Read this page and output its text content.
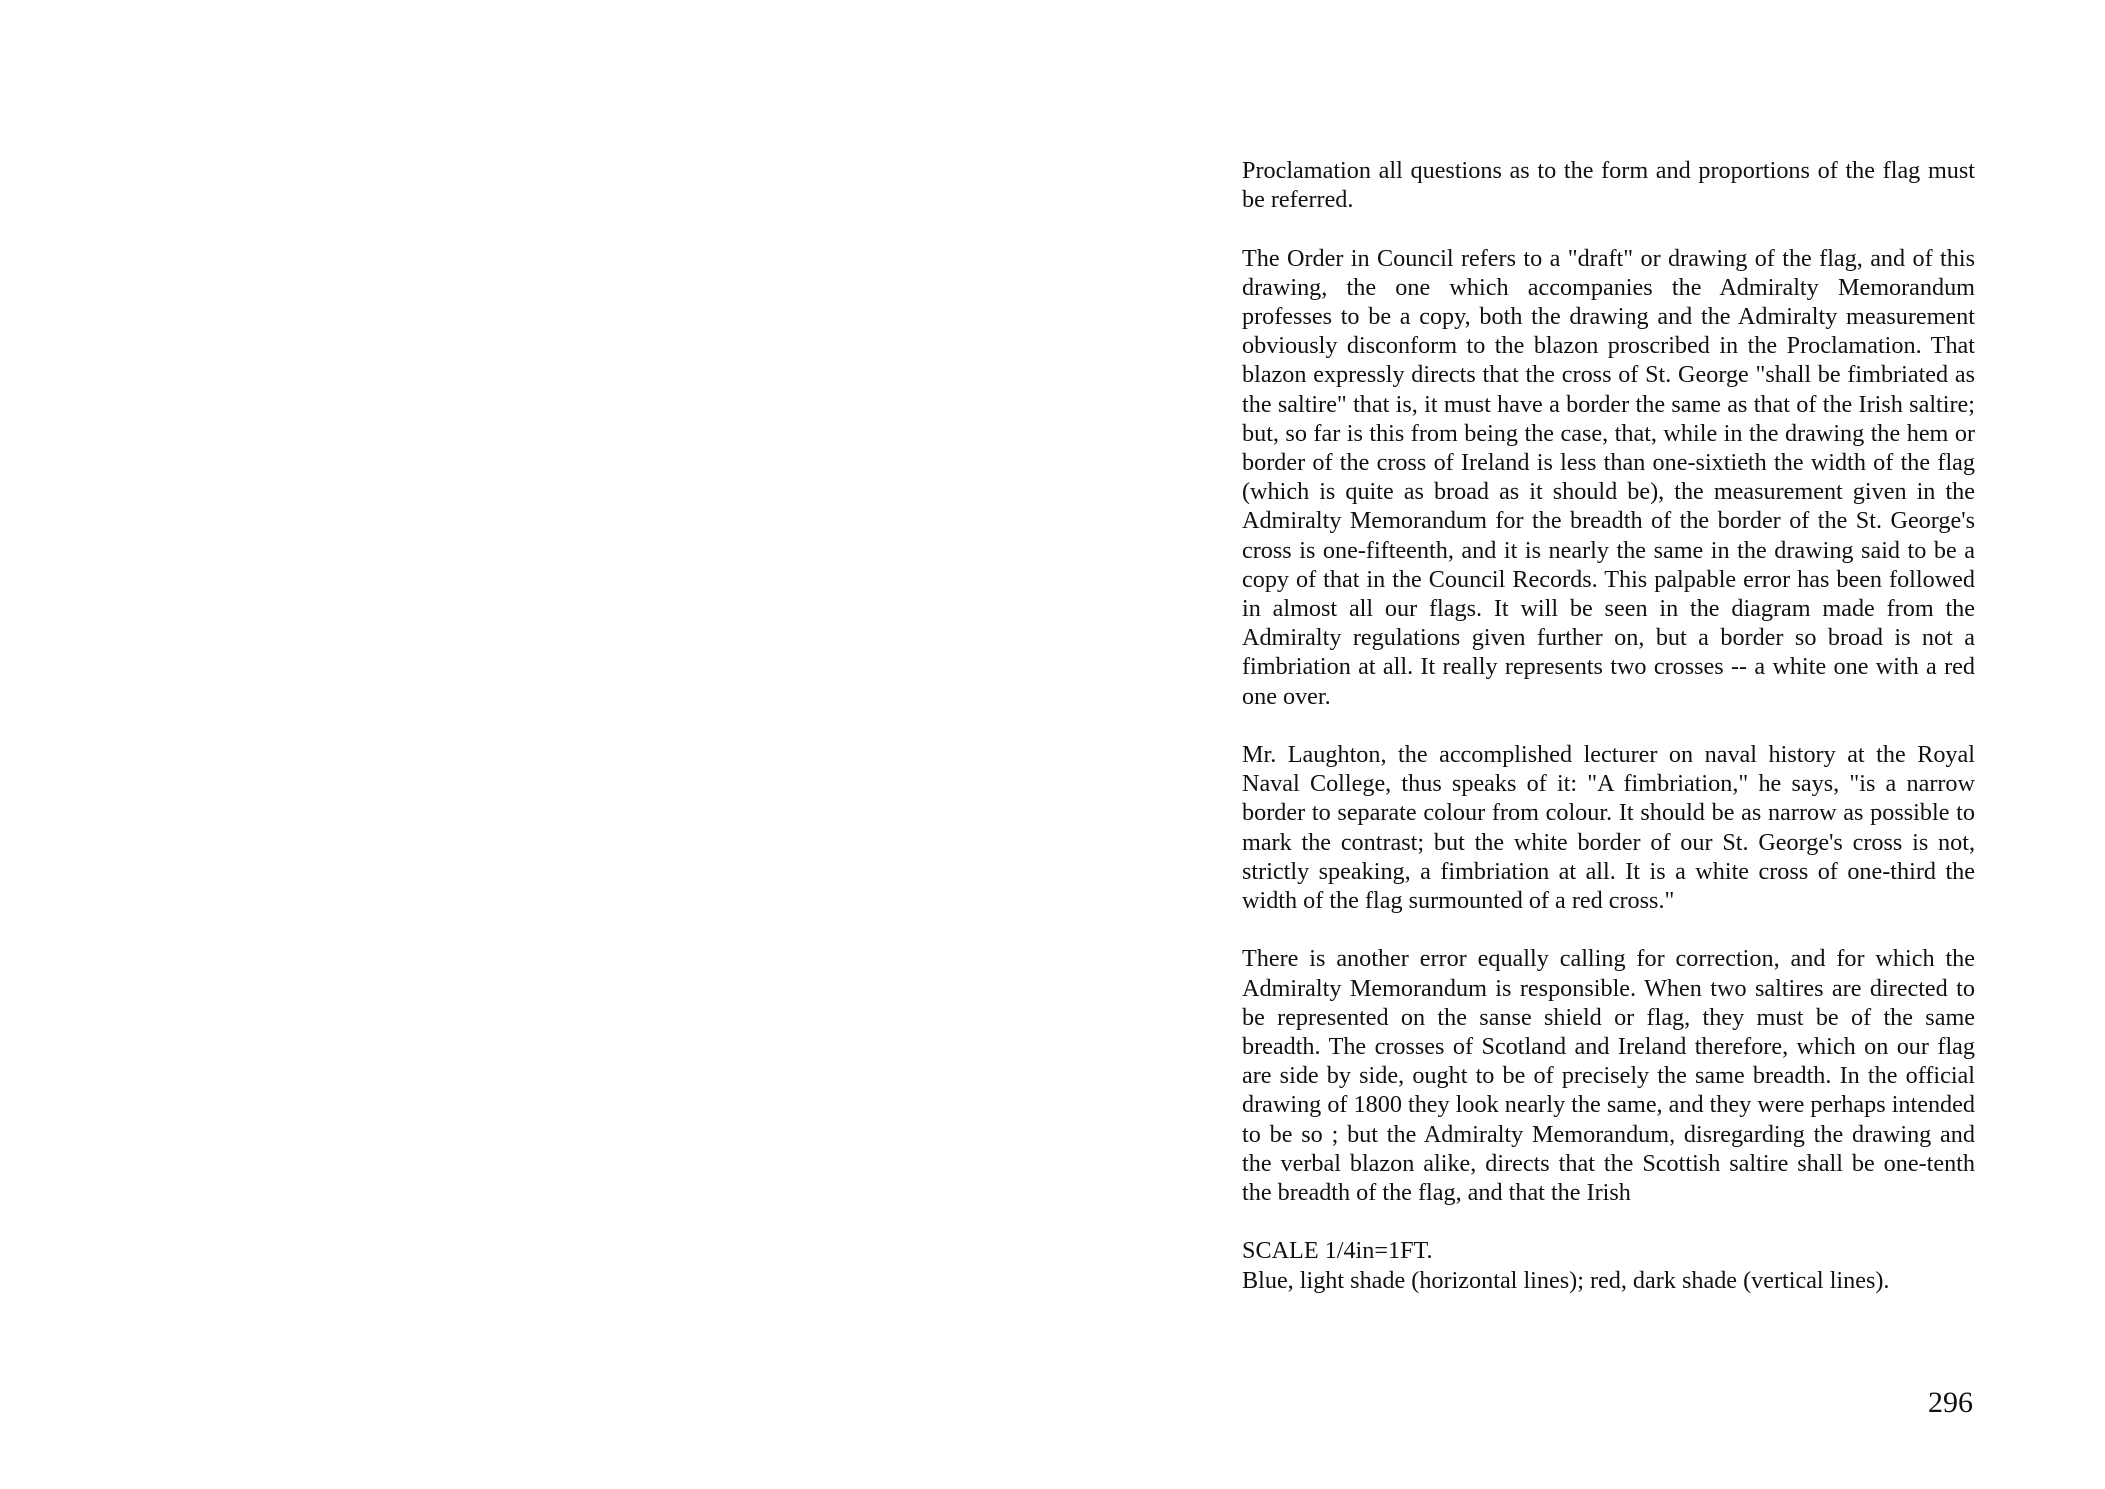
Proclamation all questions as to the form and proportions of the flag must be referred.

The Order in Council refers to a "draft" or drawing of the flag, and of this drawing, the one which accompanies the Admiralty Memorandum professes to be a copy, both the drawing and the Admiralty measurement obviously disconform to the blazon proscribed in the Proclamation. That blazon expressly directs that the cross of St. George "shall be fimbriated as the saltire" that is, it must have a border the same as that of the Irish saltire; but, so far is this from being the case, that, while in the drawing the hem or border of the cross of Ireland is less than one-sixtieth the width of the flag (which is quite as broad as it should be), the measurement given in the Admiralty Memorandum for the breadth of the border of the St. George's cross is one-fifteenth, and it is nearly the same in the drawing said to be a copy of that in the Council Records. This palpable error has been followed in almost all our flags. It will be seen in the diagram made from the Admiralty regulations given further on, but a border so broad is not a fimbriation at all. It really represents two crosses -- a white one with a red one over.

Mr. Laughton, the accomplished lecturer on naval history at the Royal Naval College, thus speaks of it: "A fimbriation," he says, "is a narrow border to separate colour from colour. It should be as narrow as possible to mark the contrast; but the white border of our St. George's cross is not, strictly speaking, a fimbriation at all. It is a white cross of one-third the width of the flag surmounted of a red cross."

There is another error equally calling for correction, and for which the Admiralty Memorandum is responsible. When two saltires are directed to be represented on the sanse shield or flag, they must be of the same breadth. The crosses of Scotland and Ireland therefore, which on our flag are side by side, ought to be of precisely the same breadth. In the official drawing of 1800 they look nearly the same, and they were perhaps intended to be so ; but the Admiralty Memorandum, disregarding the drawing and the verbal blazon alike, directs that the Scottish saltire shall be one-tenth the breadth of the flag, and that the Irish

SCALE 1/4in=1FT.

Blue, light shade (horizontal lines); red, dark shade (vertical lines).

296
